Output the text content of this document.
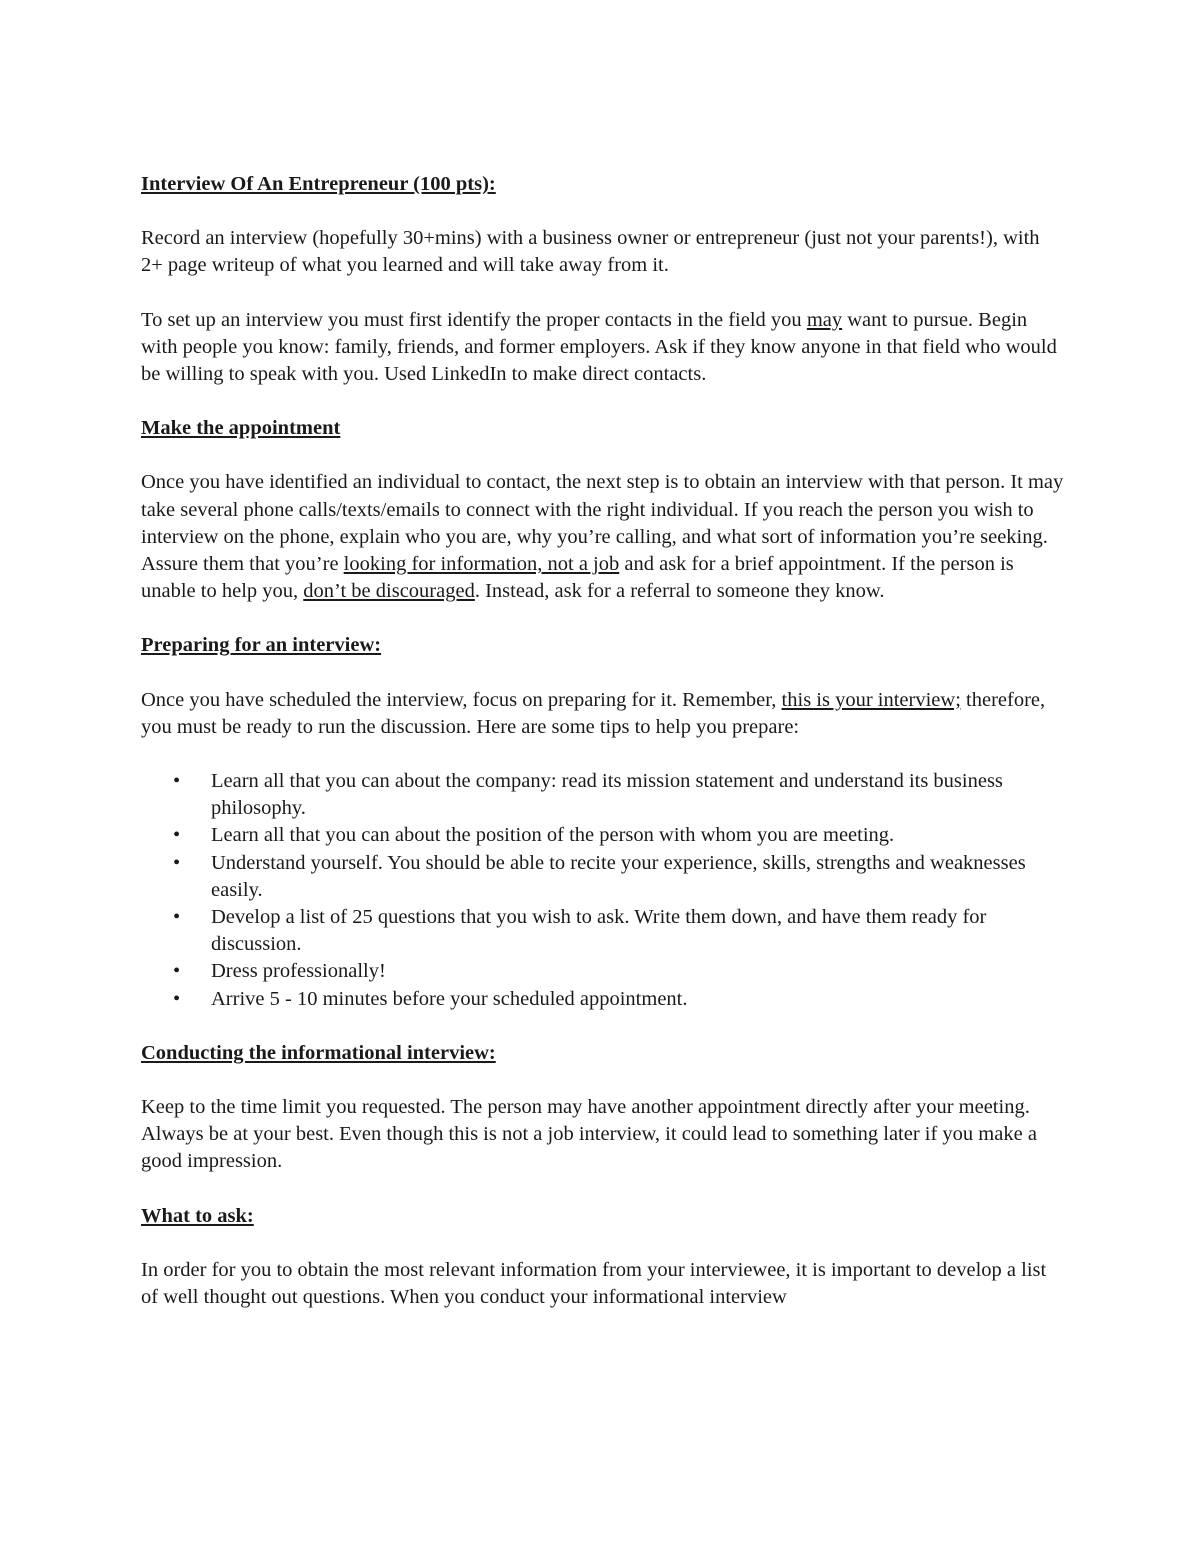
Interview Of An Entrepreneur (100 pts):

Record an interview (hopefully 30+mins) with a business owner or entrepreneur (just not your parents!), with 2+ page writeup of what you learned and will take away from it.

To set up an interview you must first identify the proper contacts in the field you may want to pursue. Begin with people you know: family, friends, and former employers. Ask if they know anyone in that field who would be willing to speak with you. Used LinkedIn to make direct contacts.

Make the appointment

Once you have identified an individual to contact, the next step is to obtain an interview with that person. It may take several phone calls/texts/emails to connect with the right individual. If you reach the person you wish to interview on the phone, explain who you are, why you’re calling, and what sort of information you’re seeking. Assure them that you’re looking for information, not a job and ask for a brief appointment. If the person is unable to help you, don’t be discouraged. Instead, ask for a referral to someone they know.

Preparing for an interview:

Once you have scheduled the interview, focus on preparing for it. Remember, this is your interview; therefore, you must be ready to run the discussion. Here are some tips to help you prepare:

• Learn all that you can about the company: read its mission statement and understand its business philosophy.
• Learn all that you can about the position of the person with whom you are meeting.
• Understand yourself. You should be able to recite your experience, skills, strengths and weaknesses easily.
• Develop a list of 25 questions that you wish to ask. Write them down, and have them ready for discussion.
• Dress professionally!
• Arrive 5 - 10 minutes before your scheduled appointment.

Conducting the informational interview:

Keep to the time limit you requested. The person may have another appointment directly after your meeting. Always be at your best. Even though this is not a job interview, it could lead to something later if you make a good impression.

What to ask:

In order for you to obtain the most relevant information from your interviewee, it is important to develop a list of well thought out questions. When you conduct your informational interview
